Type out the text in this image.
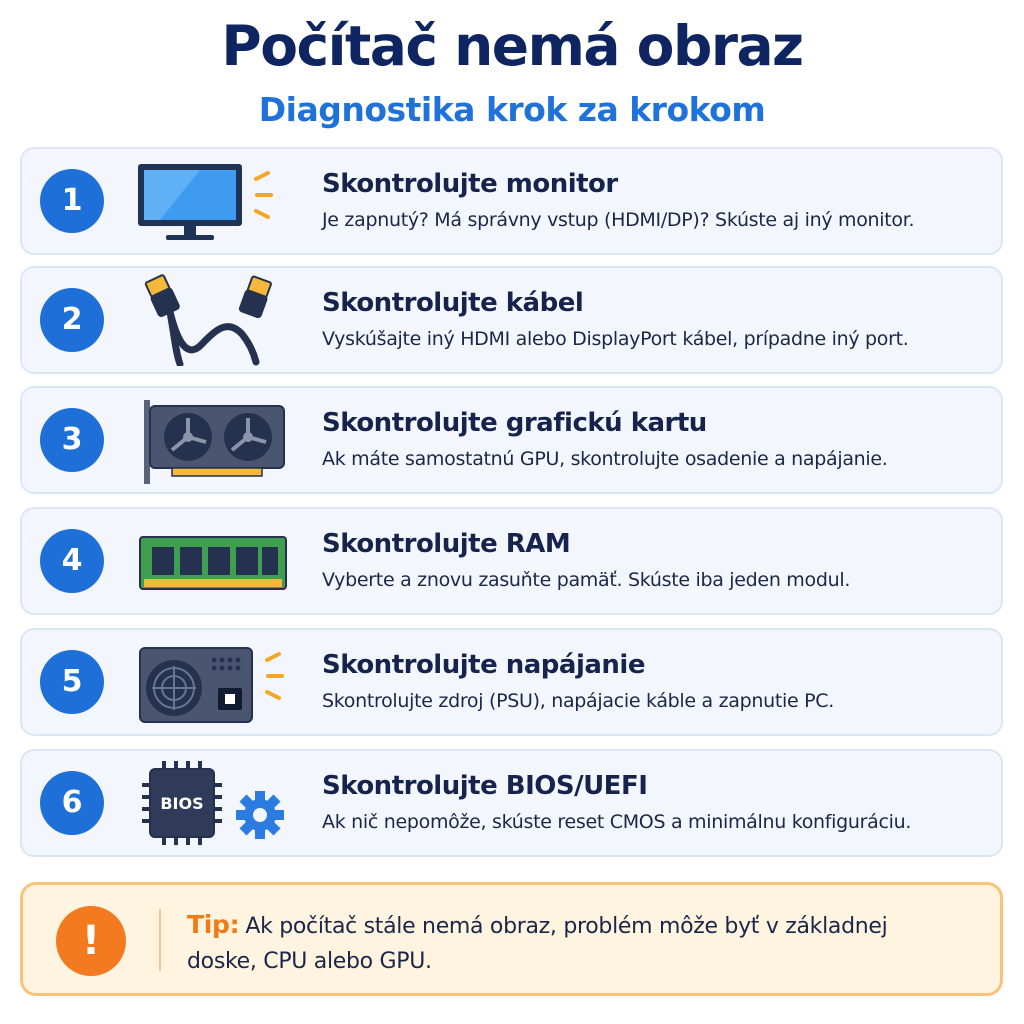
Počítač nemá obraz
Diagnostika krok za krokom
1	Skontrolujte monitor
Je zapnutý? Má správny vstup (HDMI/DP)? Skúste aj iný monitor.
2	Skontrolujte kábel
Vyskúšajte iný HDMI alebo DisplayPort kábel, prípadne iný port.
3	Skontrolujte grafickú kartu
Ak máte samostatnú GPU, skontrolujte osadenie a napájanie.
4	Skontrolujte RAM
Vyberte a znovu zasuňte pamäť. Skúste iba jeden modul.
5	Skontrolujte napájanie
Skontrolujte zdroj (PSU), napájacie káble a zapnutie PC.
6	BIOS
Skontrolujte BIOS/UEFI
Ak nič nepomôže, skúste reset CMOS a minimálnu konfiguráciu.
!	Tip: Ak počítač stále nemá obraz, problém môže byť v základnej doske, CPU alebo GPU.
